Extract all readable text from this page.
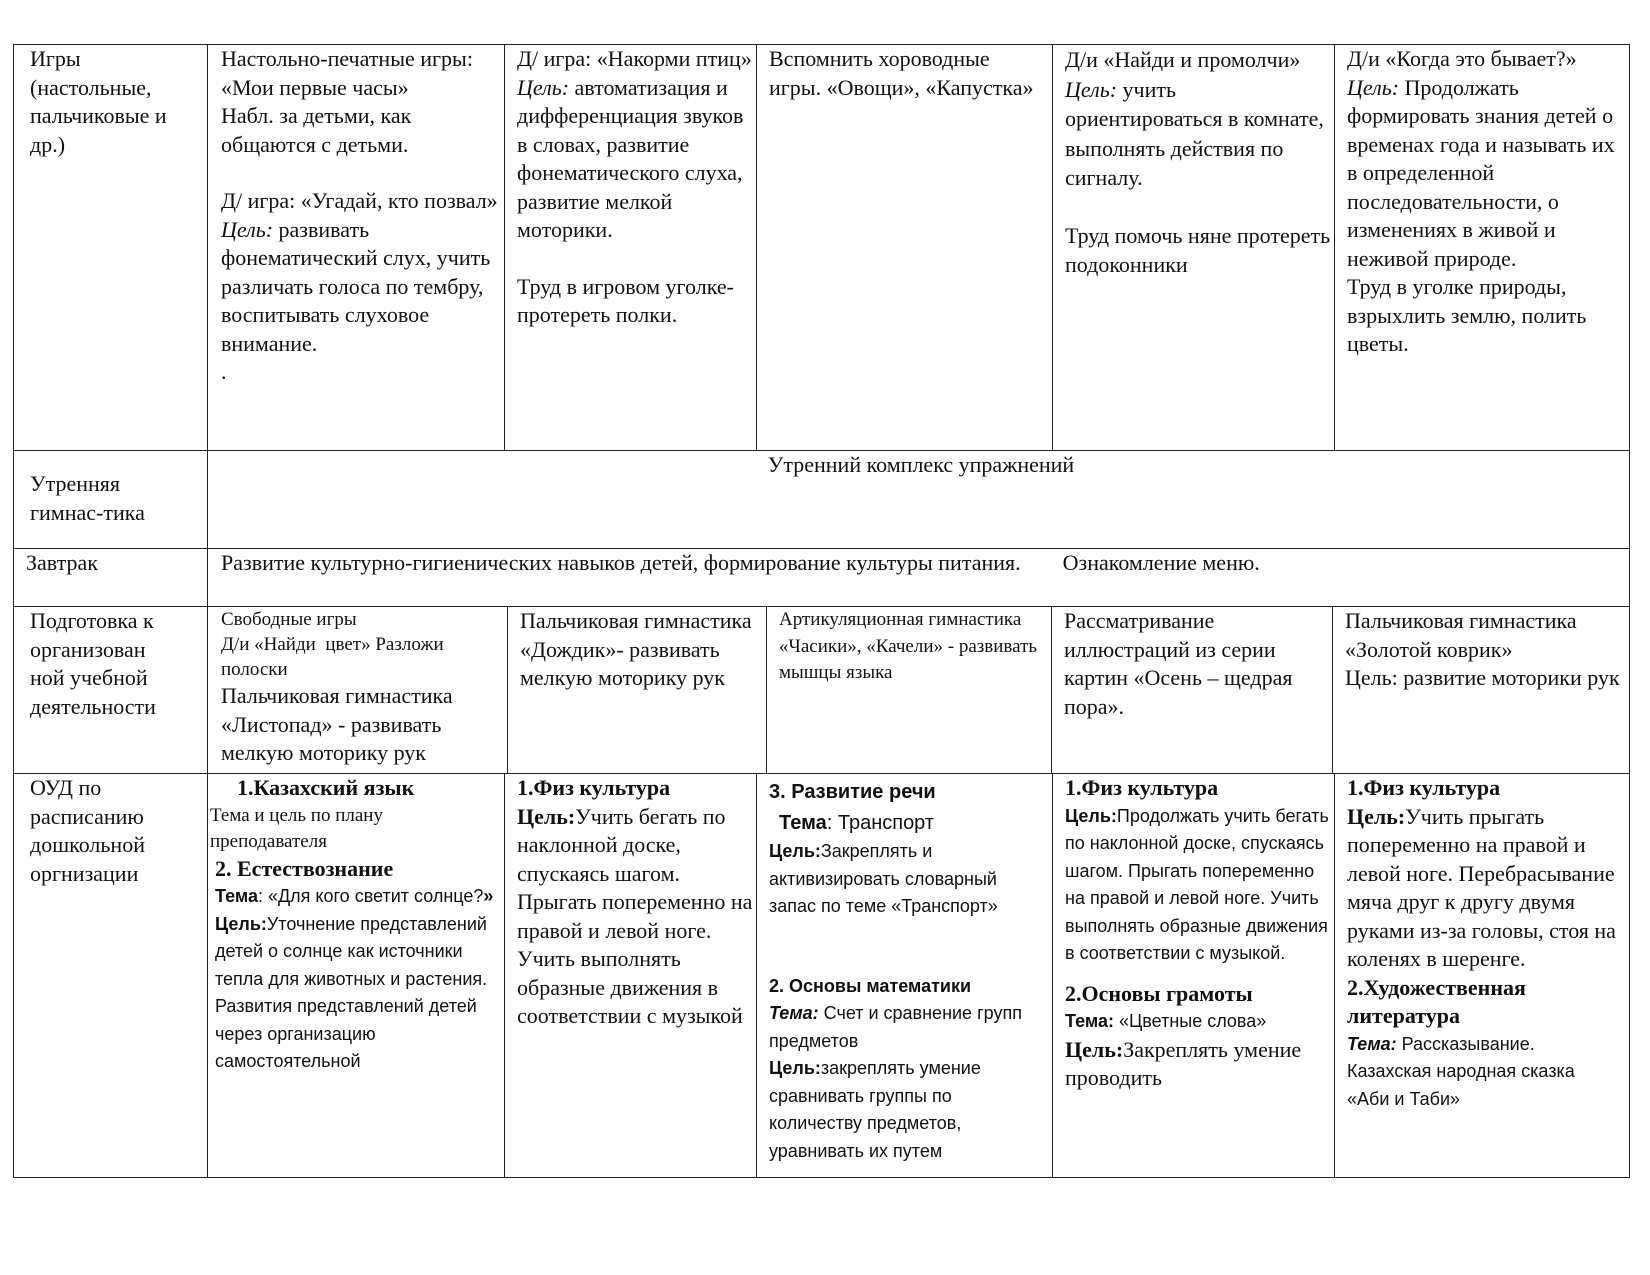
Игры
(настольные,
пальчиковые и
др.)

Настольно-печатные игры: «Мои первые часы»
Набл. за детьми, как общаются с детьми.

Д/ игра: «Угадай, кто позвал»
Цель: развивать фонематический слух, учить различать голоса по тембру, воспитывать слуховое внимание.

.

Д/ игра: «Накорми птиц»
Цель: автоматизация и дифференциация звуков в словах, развитие фонематического слуха, развитие мелкой моторики.

Труд в игровом уголке- протереть полки.

Вспомнить хороводные игры. «Овощи», «Капустка»

Д/и «Найди и промолчи»

Цель: учить ориентироваться в комнате, выполнять действия по сигналу.

Труд помочь няне протереть подоконники

Д/и «Когда это бывает?»

Цель: Продолжать формировать знания детей о временах года и называть их в определенной последовательности, о изменениях в живой и неживой природе.

Труд в уголке природы, взрыхлить землю, полить цветы.

Утренняя
гимнас-тика

Утренний комплекс упражнений

Завтрак	Развитие культурно-гигиенических навыков детей, формирование культуры питания. Ознакомление меню.

Подготовка к
организован
ной учебной
деятельности

Свободные игры
Д/и «Найди  цвет» Разложи полоски

Пальчиковая гимнастика «Листопад» - развивать мелкую моторику рук

Пальчиковая гимнастика «Дождик»- развивать мелкую моторику рук

Артикуляционная гимнастика «Часики», «Качели» - развивать мышцы языка

Рассматривание иллюстраций из серии картин «Осень – щедрая пора».

Пальчиковая гимнастика «Золотой коврик»
Цель: развитие моторики рук

ОУД по
расписанию
дошкольной
оргнизации

1.Казахский язык

Тема и цель по плану
преподавателя

2. Естествознание

Тема: «Для кого светит солнце?»

Цель:Уточнение представлений детей о солнце как источники тепла для животных и растения. Развития представлений детей через организацию самостоятельной

1.Физ культура

Цель:Учить бегать по наклонной доске, спускаясь шагом. Прыгать попеременно на правой и левой ноге. Учить выполнять образные движения в соответствии с музыкой

3. Развитие речи

Тема: Транспорт

Цель:Закреплять и активизировать словарный запас по теме «Транспорт»

2. Основы математики

Тема: Счет и сравнение групп предметов

Цель:закреплять умение сравнивать группы по количеству предметов, уравнивать их путем

1.Физ культура

Цель:Продолжать учить бегать по наклонной доске, спускаясь шагом. Прыгать попеременно на правой и левой ноге. Учить выполнять образные движения в соответствии с музыкой.

2.Основы грамоты

Тема: «Цветные слова»

Цель:Закреплять умение проводить

1.Физ культура

Цель:Учить прыгать попеременно на правой и левой ноге. Перебрасывание мяча друг к другу двумя руками из-за головы, стоя на коленях в шеренге.

2.Художественная литература

Тема: Рассказывание. Казахская народная сказка «Аби и Таби»
